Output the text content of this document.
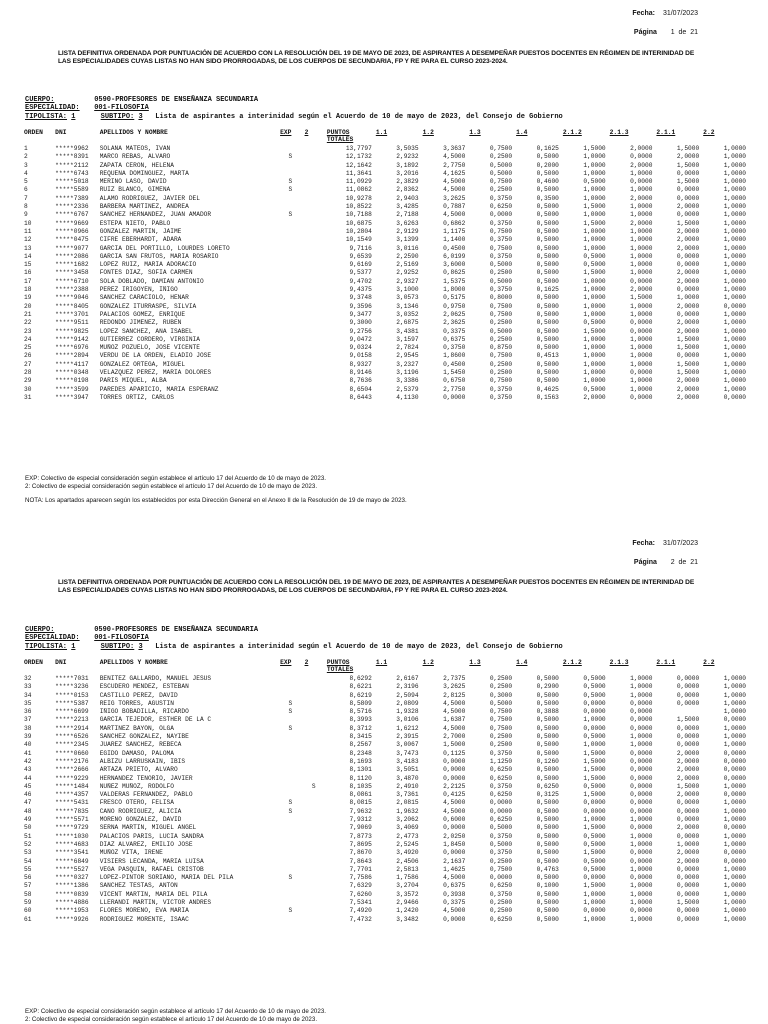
Fecha: 31/07/2023
Página 1 de 21
LISTA DEFINITIVA ORDENADA POR PUNTUACIÓN DE ACUERDO CON LA RESOLUCIÓN DEL 19 DE MAYO DE 2023, DE ASPIRANTES A DESEMPEÑAR PUESTOS DOCENTES EN RÉGIMEN DE INTERINIDAD DE LAS ESPECIALIDADES CUYAS LISTAS NO HAN SIDO PRORROGADAS, DE LOS CUERPOS DE SECUNDARIA, FP Y RE PARA EL CURSO 2023-2024.
CUERPO:	0590-PROFESORES DE ENSEÑANZA SECUNDARIA
ESPECIALIDAD: 001-FILOSOFIA
TIPOLISTA: 1	SUBTIPO: 3 Lista de aspirantes a interinidad según el Acuerdo de 10 de mayo de 2023, del Consejo de Gobierno
ORDEN	DNI	APELLIDOS Y NOMBRE	EXP	2	PUNTOS TOTALES	1.1	1.2	1.3	1.4	2.1.2	2.1.3	2.1.1	2.2
1	*****9962	SOLANA MATEOS, IVAN			13,7797	3,5035	3,3637	0,7500	0,1625	1,5000	2,0000	1,5000	1,0000
2	*****8391	MARCO REBAS, ALVARO	S		12,1732	2,9232	4,5000	0,2500	0,5000	1,0000	0,0000	2,0000	1,0000
3	*****2112	ZAPATA CERON, HELENA			12,1642	3,1892	2,7750	0,5000	0,2000	1,0000	2,0000	1,5000	1,0000
4	*****6743	REQUENA DOMINGUEZ, MARTA			11,3641	3,2016	4,1625	0,5000	0,5000	1,0000	1,0000	0,0000	1,0000
5	*****5018	MERINO LASO, DAVID	S		11,0929	2,3829	4,5000	0,7500	0,4600	0,5000	0,0000	1,5000	1,0000
6	*****5589	RUIZ BLANCO, GIMENA	S		11,0862	2,8362	4,5000	0,2500	0,5000	1,0000	1,0000	0,0000	1,0000
7	*****7389	ALAMO RODRIGUEZ, JAVIER DEL			10,9278	2,9403	3,2625	0,3750	0,3500	1,0000	2,0000	0,0000	1,0000
8	*****2336	BARBERA MARTINEZ, ANDREA			10,8522	3,4285	0,7887	0,6250	0,5000	1,5000	1,0000	2,0000	1,0000
9	*****6767	SANCHEZ HERNANDEZ, JUAN AMADOR	S		10,7188	2,7188	4,5000	0,0000	0,5000	1,0000	1,0000	0,0000	1,0000
10	*****9669	ESTEPA NIETO, PABLO			10,6875	3,6263	0,6862	0,3750	0,5000	1,5000	2,0000	1,5000	1,0000
11	*****0966	GONZALEZ MARTIN, JAIME			10,2804	2,9129	1,1175	0,7500	0,5000	1,0000	1,0000	2,0000	1,0000
12	*****0475	CIFRE EBERHARDT, ADARA			10,1549	3,1399	1,1400	0,3750	0,5000	1,0000	1,0000	2,0000	1,0000
13	*****9077	GARCIA DEL PORTILLO, LOURDES LORETO			9,7116	3,0116	0,4500	0,7500	0,5000	1,0000	1,0000	2,0000	1,0000
14	*****2086	GARCIA SAN FRUTOS, MARIA ROSARIO			9,6539	2,2590	6,0199	0,3750	0,5000	0,5000	1,0000	0,0000	1,0000
15	*****1682	LOPEZ RUIZ, MARIA ADORACIO			9,6169	2,5169	3,6000	0,5000	0,5000	0,5000	1,0000	0,0000	1,0000
16	*****3458	FONTES DIAZ, SOFIA CARMEN			9,5377	2,9252	0,8625	0,2500	0,5000	1,5000	1,0000	2,0000	1,0000
17	*****6710	SOLA DOBLADO, DAMIAN ANTONIO			9,4702	2,9327	1,5375	0,5000	0,5000	1,0000	0,0000	2,0000	1,0000
18	*****2388	PEREZ IRIGOYEN, IÑIGO			9,4375	3,1000	1,8000	0,3750	0,1625	1,0000	2,0000	0,0000	1,0000
19	*****9046	SANCHEZ CARACIOLO, HENAR			9,3748	3,0573	0,5175	0,8000	0,5000	1,0000	1,5000	1,0000	1,0000
20	*****8405	GONZALEZ ITURRASPE, SILVIA			9,3596	3,1346	0,9750	0,7500	0,5000	1,0000	1,0000	2,0000	0,0000
21	*****3701	PALACIOS GOMEZ, ENRIQUE			9,3477	3,0352	2,0625	0,7500	0,5000	1,0000	1,0000	0,0000	1,0000
22	*****9511	REDONDO JIMENEZ, RUBEN			9,3000	2,6875	2,3625	0,2500	0,5000	0,5000	0,0000	2,0000	1,0000
23	*****9825	LOPEZ SANCHEZ, ANA ISABEL			9,2756	3,4381	0,3375	0,5000	0,5000	1,5000	0,0000	2,0000	1,0000
24	*****9142	GUTIERREZ CORDERO, VIRGINIA			9,0472	3,1597	0,6375	0,2500	0,5000	1,0000	1,0000	1,5000	1,0000
25	*****6976	MUÑOZ POZUELO, JOSE VICENTE			9,0324	2,7824	0,3750	0,8750	0,5000	1,0000	1,0000	1,5000	1,0000
26	*****2894	VERDU DE LA ORDEN, ELADIO JOSE			9,0158	2,9545	1,8600	0,7500	0,4513	1,0000	1,0000	0,0000	1,0000
27	*****4117	GONZALEZ ORTEGA, MIGUEL			8,9327	3,2327	0,4500	0,2500	0,5000	1,0000	1,0000	1,5000	1,0000
28	*****0348	VELAZQUEZ PEREZ, MARIA DOLORES			8,9146	3,1196	1,5450	0,2500	0,5000	1,0000	0,0000	1,5000	1,0000
29	*****0198	PARIS MIQUEL, ALBA			8,7636	3,3386	0,6750	0,7500	0,5000	1,0000	1,0000	2,0000	1,0000
30	*****3599	PAREDES APARICIO, MARIA ESPERANZ			8,6504	2,5379	2,7750	0,3750	0,4625	0,5000	1,0000	2,0000	1,0000
31	*****3947	TORRES ORTIZ, CARLOS			8,6443	4,1130	0,0000	0,3750	0,1563	2,0000	0,0000	2,0000	0,0000
EXP: Colectivo de especial consideración según establece el artículo 17 del Acuerdo de 10 de mayo de 2023.
2: Colectivo de especial consideración según establece el artículo 17 del Acuerdo de 10 de mayo de 2023.
NOTA: Los apartados aparecen según los establecidos por esta Dirección General en el Anexo II de la Resolución de 19 de mayo de 2023.
Fecha: 31/07/2023
Página 2 de 21
LISTA DEFINITIVA ORDENADA POR PUNTUACIÓN DE ACUERDO CON LA RESOLUCIÓN DEL 19 DE MAYO DE 2023, DE ASPIRANTES A DESEMPEÑAR PUESTOS DOCENTES EN RÉGIMEN DE INTERINIDAD DE LAS ESPECIALIDADES CUYAS LISTAS NO HAN SIDO PRORROGADAS, DE LOS CUERPOS DE SECUNDARIA, FP Y RE PARA EL CURSO 2023-2024.
CUERPO:	0590-PROFESORES DE ENSEÑANZA SECUNDARIA
ESPECIALIDAD: 001-FILOSOFIA
TIPOLISTA: 1	SUBTIPO: 3 Lista de aspirantes a interinidad según el Acuerdo de 10 de mayo de 2023, del Consejo de Gobierno
ORDEN	DNI	APELLIDOS Y NOMBRE	EXP	2	PUNTOS TOTALES	1.1	1.2	1.3	1.4	2.1.2	2.1.3	2.1.1	2.2
32	*****7031	BENITEZ GALLARDO, MANUEL JESUS			8,6292	2,6167	2,7375	0,2500	0,5000	0,5000	1,0000	0,0000	1,0000
33	*****3236	ESCUDERO MENDEZ, ESTEBAN			8,6221	2,3196	3,2625	0,2500	0,2900	0,5000	1,0000	0,0000	1,0000
34	*****0153	CASTILLO PEREZ, DAVID			8,6219	2,5094	2,8125	0,3000	0,5000	0,5000	1,0000	0,0000	1,0000
35	*****5387	REIG TORRES, AGUSTIN	S		8,5809	2,0809	4,5000	0,5000	0,5000	0,0000	0,0000	0,0000	1,0000
36	*****6699	IÑIGO BOBADILLA, RICARDO	S		8,5716	1,9328	4,5000	0,7500	0,3888	0,0000	0,0000		1,0000
37	*****2213	GARCIA TEJEDOR, ESTHER DE LA C			8,3993	3,0106	1,6387	0,7500	0,5000	1,0000	0,0000	1,5000	0,0000
38	*****2914	MARTINEZ BAYON, OLGA	S		8,3712	1,6212	4,5000	0,7500	0,5000	0,0000	0,0000	0,0000	1,0000
39	*****6526	SANCHEZ GONZALEZ, NAYIBE			8,3415	2,3915	2,7000	0,2500	0,5000	0,5000	1,0000	0,0000	1,0000
40	*****2345	JUAREZ SANCHEZ, REBECA			8,2567	3,0067	1,5000	0,2500	0,5000	1,0000	1,0000	0,0000	1,0000
41	*****0660	EGIDO DAMASO, PALOMA			8,2348	3,7473	0,1125	0,3750	0,5000	1,5000	0,0000	2,0000	0,0000
42	*****2176	ALBIZU LARRUSKAIN, IBIS			8,1693	3,4183	0,0000	1,1250	0,1260	1,5000	0,0000	2,0000	0,0000
43	*****2666	ARTAZA PRIETO, ALVARO			8,1301	3,5051	0,0000	0,6250	0,5000	1,5000	0,0000	2,0000	0,0000
44	*****9229	HERNANDEZ TENORIO, JAVIER			8,1120	3,4870	0,0000	0,6250	0,5000	1,5000	0,0000	2,0000	0,0000
45	*****1484	NUÑEZ MUÑOZ, RODOLFO		S	8,1035	2,4910	2,2125	0,3750	0,6250	0,5000	0,0000	1,5000	1,0000
46	*****4357	VALDERAS FERNANDEZ, PABLO			8,0861	3,7361	0,4125	0,6250	0,3125	1,5000	0,0000	2,0000	0,0000
47	*****5431	FRESCO OTERO, FELISA	S		8,0815	2,0815	4,5000	0,0000	0,5000	0,0000	0,0000	0,0000	1,0000
48	*****7835	CANO RODRIGUEZ, ALICIA	S		7,9632	1,9632	4,5000	0,0000	0,5000	0,0000	0,0000	0,0000	1,0000
49	*****5571	MORENO GONZALEZ, DAVID			7,9312	3,2062	0,6000	0,6250	0,5000	1,0000	1,0000	0,0000	1,0000
50	*****9729	SERNA MARTIN, MIGUEL ANGEL			7,9069	3,4069	0,0000	0,5000	0,5000	1,5000	0,0000	2,0000	0,0000
51	*****1030	PALACIOS PARIS, LUCIA SANDRA			7,8773	2,4773	2,0250	0,3750	0,5000	0,5000	1,0000	0,0000	1,0000
52	*****4683	DIAZ ALVAREZ, EMILIO JOSE			7,8695	2,5245	1,8450	0,5000	0,5000	0,5000	1,0000	1,0000	1,0000
53	*****3541	MUÑOZ VITA, IRENE			7,8670	3,4920	0,0000	0,3750	0,5000	1,5000	0,0000	2,0000	0,0000
54	*****6849	VISIERS LECANDA, MARIA LUISA			7,8643	2,4506	2,1637	0,2500	0,5000	0,5000	0,0000	2,0000	0,0000
55	*****5527	VEGA PASQUIN, RAFAEL CRISTOB			7,7701	2,5813	1,4625	0,7500	0,4763	0,5000	1,0000	0,0000	1,0000
56	*****0327	LOPEZ-PINTOR SORIANO, MARIA DEL PILA	S		7,7586	1,7586	4,5000	0,0000	0,5000	0,0000	0,0000	0,0000	1,0000
57	*****1386	SANCHEZ TESTAS, ANTON			7,6329	3,2704	0,6375	0,6250	0,1000	1,5000	1,0000	0,0000	1,0000
58	*****0839	VICENT MARTIN, MARIA DEL PILA			7,6260	3,3572	0,3938	0,3750	0,5000	1,0000	1,0000	0,0000	1,0000
59	*****4886	LLERANDI MARTIN, VICTOR ANDRES			7,5341	2,9466	0,3375	0,2500	0,5000	1,0000	1,0000	1,5000	1,0000
60	*****1953	FLORES MORENO, EVA MARIA	S		7,4920	1,2420	4,5000	0,2500	0,5000	0,0000	0,0000	0,0000	1,0000
61	*****9926	RODRIGUEZ MORENTE, ISAAC			7,4732	3,3482	0,0000	0,6250	0,5000	1,0000	1,0000	0,0000	1,0000
EXP: Colectivo de especial consideración según establece el artículo 17 del Acuerdo de 10 de mayo de 2023.
2: Colectivo de especial consideración según establece el artículo 17 del Acuerdo de 10 de mayo de 2023.
